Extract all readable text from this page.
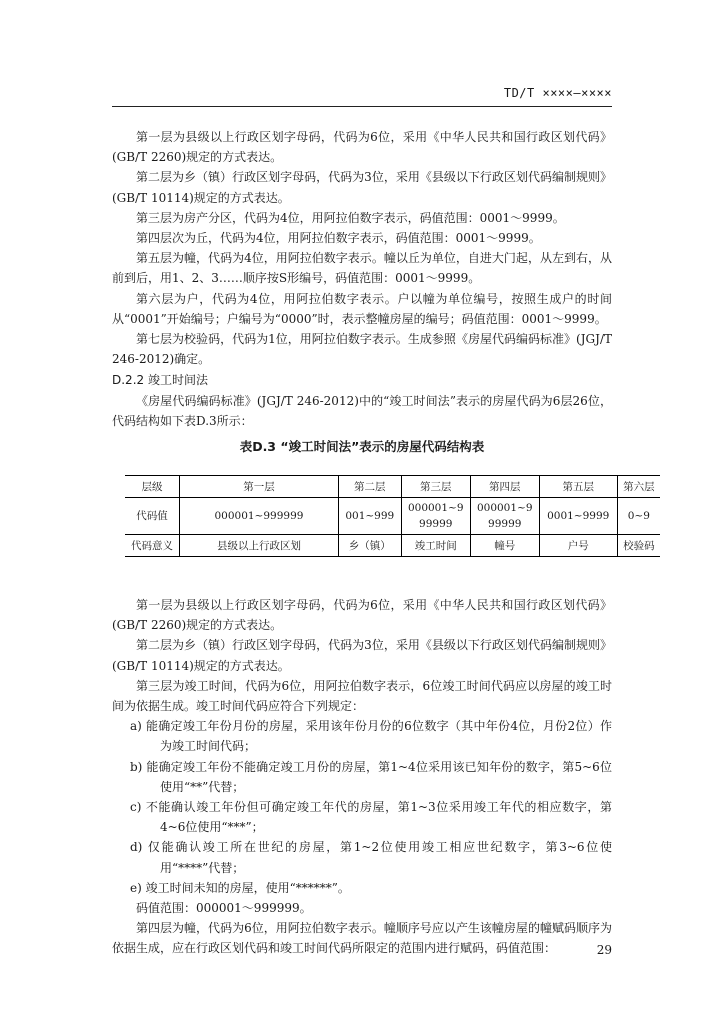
TD/T ××××—××××

第一层为县级以上行政区划字母码，代码为6位，采用《中华人民共和国行政区划代码》(GB/T 2260)规定的方式表达。

第二层为乡（镇）行政区划字母码，代码为3位，采用《县级以下行政区划代码编制规则》(GB/T 10114)规定的方式表达。

第三层为房产分区，代码为4位，用阿拉伯数字表示，码值范围：0001～9999。

第四层次为丘，代码为4位，用阿拉伯数字表示，码值范围：0001～9999。

第五层为幢，代码为4位，用阿拉伯数字表示。幢以丘为单位，自进大门起，从左到右，从前到后，用1、2、3……顺序按S形编号，码值范围：0001～9999。

第六层为户，代码为4位，用阿拉伯数字表示。户以幢为单位编号，按照生成户的时间从“0001”开始编号；户编号为“0000”时，表示整幢房屋的编号；码值范围：0001～9999。

第七层为校验码，代码为1位，用阿拉伯数字表示。生成参照《房屋代码编码标准》(JGJ/T 246-2012)确定。

D.2.2 竣工时间法

《房屋代码编码标准》(JGJ/T 246-2012)中的“竣工时间法”表示的房屋代码为6层26位，代码结构如下表D.3所示：

表D.3 “竣工时间法”表示的房屋代码结构表

层级	第一层	第二层	第三层	第四层	第五层	第六层
代码值	000001~999999	001~999	000001~999999	000001~999999	0001~9999	0~9
代码意义	县级以上行政区划	乡（镇）	竣工时间	幢号	户号	校验码

第一层为县级以上行政区划字母码，代码为6位，采用《中华人民共和国行政区划代码》(GB/T 2260)规定的方式表达。

第二层为乡（镇）行政区划字母码，代码为3位，采用《县级以下行政区划代码编制规则》(GB/T 10114)规定的方式表达。

第三层为竣工时间，代码为6位，用阿拉伯数字表示，6位竣工时间代码应以房屋的竣工时间为依据生成。竣工时间代码应符合下列规定：

a) 能确定竣工年份月份的房屋，采用该年份月份的6位数字（其中年份4位，月份2位）作为竣工时间代码；

b) 能确定竣工年份不能确定竣工月份的房屋，第1~4位采用该已知年份的数字，第5~6位使用“**”代替；

c) 不能确认竣工年份但可确定竣工年代的房屋，第1~3位采用竣工年代的相应数字，第4~6位使用“***”；

d) 仅能确认竣工所在世纪的房屋，第1~2位使用竣工相应世纪数字，第3~6位使用“****”代替；

e) 竣工时间未知的房屋，使用“******”。

码值范围：000001～999999。

第四层为幢，代码为6位，用阿拉伯数字表示。幢顺序号应以产生该幢房屋的幢赋码顺序为依据生成，应在行政区划代码和竣工时间代码所限定的范围内进行赋码，码值范围：	29
